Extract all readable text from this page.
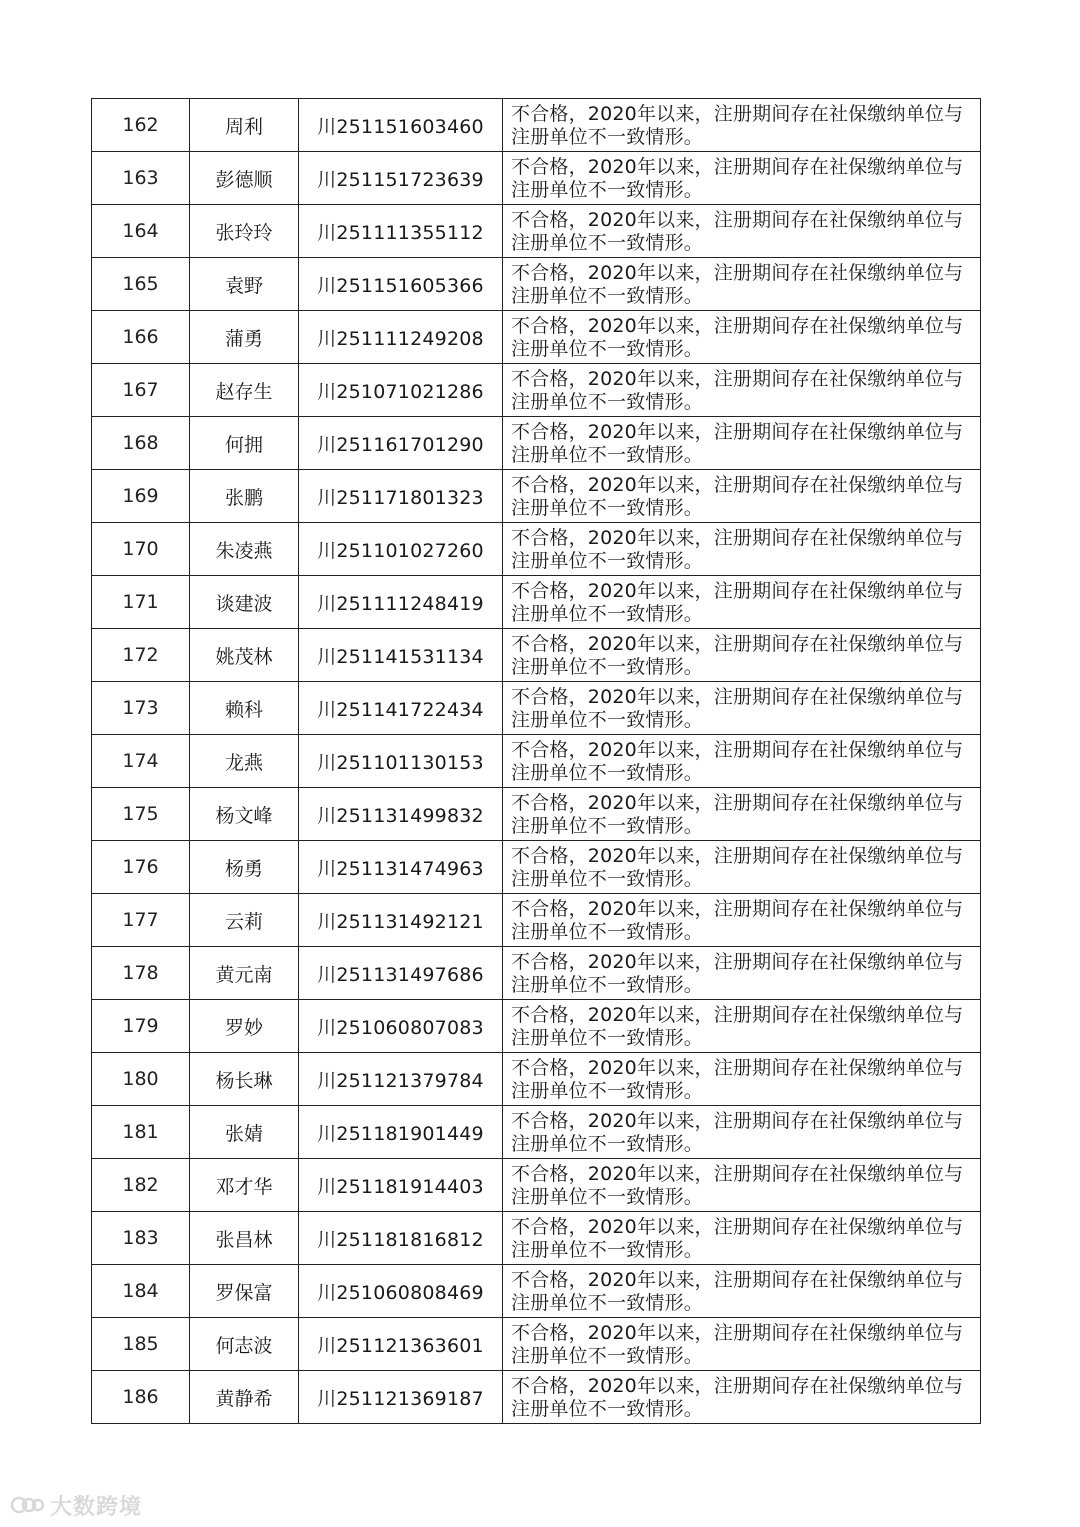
162	周利	川251151603460	不合格，2020年以来，注册期间存在社保缴纳单位与注册单位不一致情形。
163	彭德顺	川251151723639	不合格，2020年以来，注册期间存在社保缴纳单位与注册单位不一致情形。
164	张玲玲	川251111355112	不合格，2020年以来，注册期间存在社保缴纳单位与注册单位不一致情形。
165	袁野	川251151605366	不合格，2020年以来，注册期间存在社保缴纳单位与注册单位不一致情形。
166	蒲勇	川251111249208	不合格，2020年以来，注册期间存在社保缴纳单位与注册单位不一致情形。
167	赵存生	川251071021286	不合格，2020年以来，注册期间存在社保缴纳单位与注册单位不一致情形。
168	何拥	川251161701290	不合格，2020年以来，注册期间存在社保缴纳单位与注册单位不一致情形。
169	张鹏	川251171801323	不合格，2020年以来，注册期间存在社保缴纳单位与注册单位不一致情形。
170	朱凌燕	川251101027260	不合格，2020年以来，注册期间存在社保缴纳单位与注册单位不一致情形。
171	谈建波	川251111248419	不合格，2020年以来，注册期间存在社保缴纳单位与注册单位不一致情形。
172	姚茂林	川251141531134	不合格，2020年以来，注册期间存在社保缴纳单位与注册单位不一致情形。
173	赖科	川251141722434	不合格，2020年以来，注册期间存在社保缴纳单位与注册单位不一致情形。
174	龙燕	川251101130153	不合格，2020年以来，注册期间存在社保缴纳单位与注册单位不一致情形。
175	杨文峰	川251131499832	不合格，2020年以来，注册期间存在社保缴纳单位与注册单位不一致情形。
176	杨勇	川251131474963	不合格，2020年以来，注册期间存在社保缴纳单位与注册单位不一致情形。
177	云莉	川251131492121	不合格，2020年以来，注册期间存在社保缴纳单位与注册单位不一致情形。
178	黄元南	川251131497686	不合格，2020年以来，注册期间存在社保缴纳单位与注册单位不一致情形。
179	罗妙	川251060807083	不合格，2020年以来，注册期间存在社保缴纳单位与注册单位不一致情形。
180	杨长琳	川251121379784	不合格，2020年以来，注册期间存在社保缴纳单位与注册单位不一致情形。
181	张婧	川251181901449	不合格，2020年以来，注册期间存在社保缴纳单位与注册单位不一致情形。
182	邓才华	川251181914403	不合格，2020年以来，注册期间存在社保缴纳单位与注册单位不一致情形。
183	张昌林	川251181816812	不合格，2020年以来，注册期间存在社保缴纳单位与注册单位不一致情形。
184	罗保富	川251060808469	不合格，2020年以来，注册期间存在社保缴纳单位与注册单位不一致情形。
185	何志波	川251121363601	不合格，2020年以来，注册期间存在社保缴纳单位与注册单位不一致情形。
186	黄静希	川251121369187	不合格，2020年以来，注册期间存在社保缴纳单位与注册单位不一致情形。
大数跨境
